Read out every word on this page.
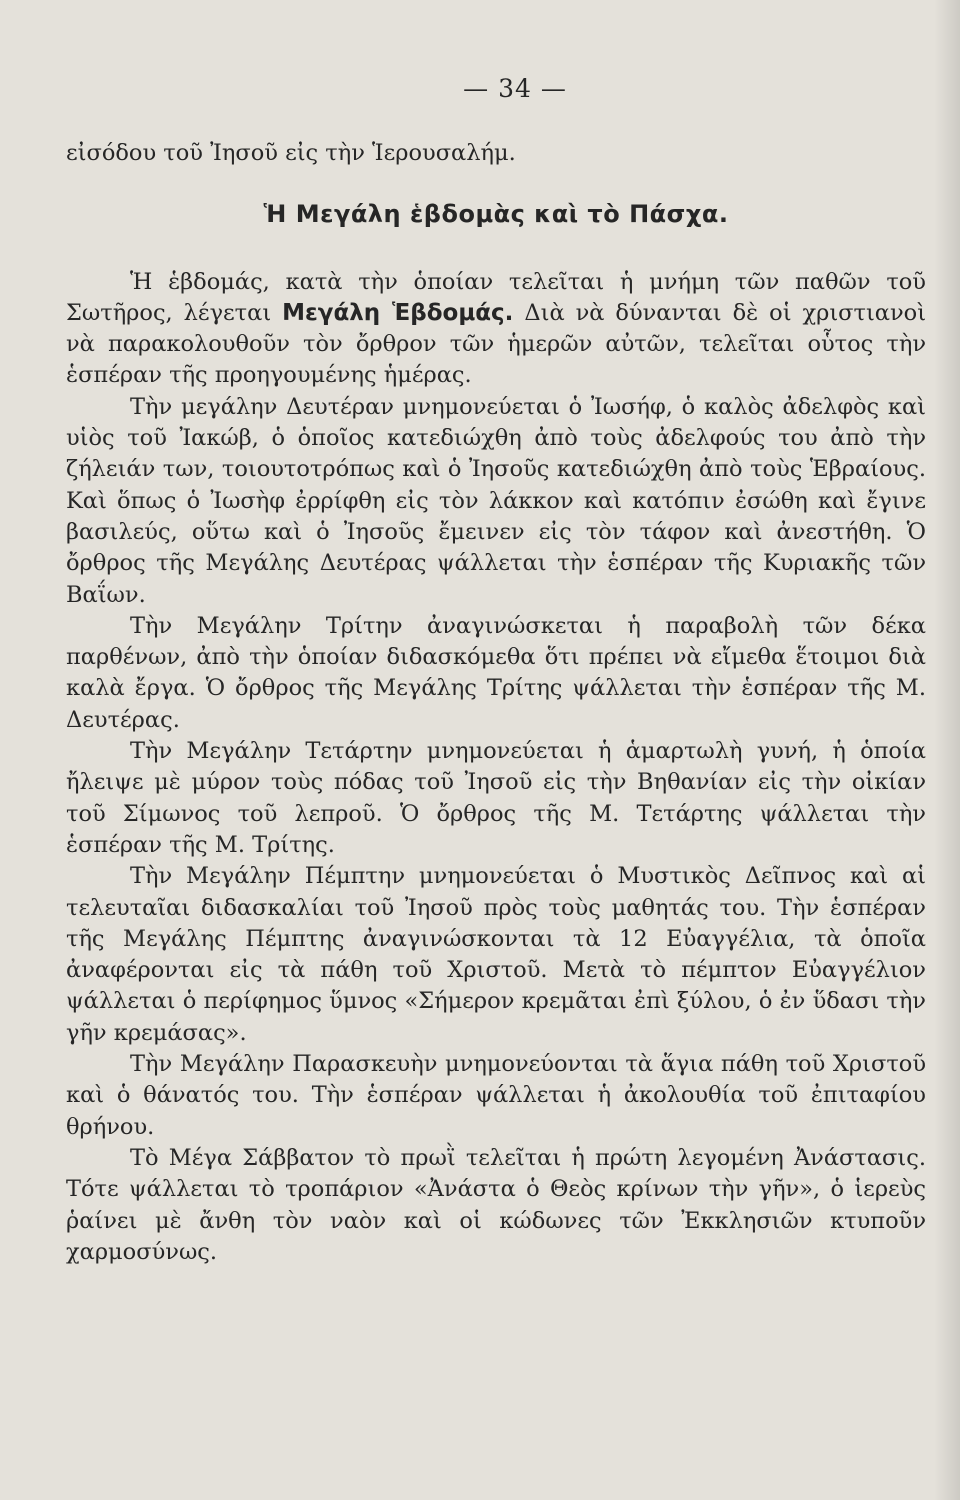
— 34 —

εἰσόδου τοῦ Ἰησοῦ εἰς τὴν Ἱερουσαλήμ.

Ἡ Μεγάλη ἑβδομὰς καὶ τὸ Πάσχα.

Ἡ ἑβδομάς, κατὰ τὴν ὁποίαν τελεῖται ἡ μνήμη τῶν παθῶν τοῦ Σωτῆρος, λέγεται Μεγάλη Ἑβδομάς. Διὰ νὰ δύνανται δὲ οἱ χριστιανοὶ νὰ παρακολουθοῦν τὸν ὄρθρον τῶν ἡμερῶν αὐτῶν, τελεῖται οὗτος τὴν ἑσπέραν τῆς προηγουμένης ἡμέρας.

Τὴν μεγάλην Δευτέραν μνημονεύεται ὁ Ἰωσήφ, ὁ καλὸς ἀδελφὸς καὶ υἱὸς τοῦ Ἰακώβ, ὁ ὁποῖος κατεδιώχθη ἀπὸ τοὺς ἀδελφούς του ἀπὸ τὴν ζήλειάν των, τοιουτοτρόπως καὶ ὁ Ἰησοῦς κατεδιώχθη ἀπὸ τοὺς Ἑβραίους. Καὶ ὅπως ὁ Ἰωσὴφ ἐρρίφθη εἰς τὸν λάκκον καὶ κατόπιν ἐσώθη καὶ ἔγινε βασιλεύς, οὕτω καὶ ὁ Ἰησοῦς ἔμεινεν εἰς τὸν τάφον καὶ ἀνεστήθη. Ὁ ὄρθρος τῆς Μεγάλης Δευτέρας ψάλλεται τὴν ἑσπέραν τῆς Κυριακῆς τῶν Βαΐων.

Τὴν Μεγάλην Τρίτην ἀναγινώσκεται ἡ παραβολὴ τῶν δέκα παρθένων, ἀπὸ τὴν ὁποίαν διδασκόμεθα ὅτι πρέπει νὰ εἴμεθα ἕτοιμοι διὰ καλὰ ἔργα. Ὁ ὄρθρος τῆς Μεγάλης Τρίτης ψάλλεται τὴν ἑσπέραν τῆς Μ. Δευτέρας.

Τὴν Μεγάλην Τετάρτην μνημονεύεται ἡ ἁμαρτωλὴ γυνή, ἡ ὁποία ἤλειψε μὲ μύρον τοὺς πόδας τοῦ Ἰησοῦ εἰς τὴν Βηθανίαν εἰς τὴν οἰκίαν τοῦ Σίμωνος τοῦ λεπροῦ. Ὁ ὄρθρος τῆς Μ. Τετάρτης ψάλλεται τὴν ἑσπέραν τῆς Μ. Τρίτης.

Τὴν Μεγάλην Πέμπτην μνημονεύεται ὁ Μυστικὸς Δεῖπνος καὶ αἱ τελευταῖαι διδασκαλίαι τοῦ Ἰησοῦ πρὸς τοὺς μαθητάς του. Τὴν ἑσπέραν τῆς Μεγάλης Πέμπτης ἀναγινώσκονται τὰ 12 Εὐαγγέλια, τὰ ὁποῖα ἀναφέρονται εἰς τὰ πάθη τοῦ Χριστοῦ. Μετὰ τὸ πέμπτον Εὐαγγέλιον ψάλλεται ὁ περίφημος ὕμνος «Σήμερον κρεμᾶται ἐπὶ ξύλου, ὁ ἐν ὕδασι τὴν γῆν κρεμάσας».

Τὴν Μεγάλην Παρασκευὴν μνημονεύονται τὰ ἅγια πάθη τοῦ Χριστοῦ καὶ ὁ θάνατός του. Τὴν ἑσπέραν ψάλλεται ἡ ἀκολουθία τοῦ ἐπιταφίου θρήνου.

Τὸ Μέγα Σάββατον τὸ πρωῒ τελεῖται ἡ πρώτη λεγομένη Ἀνάστασις. Τότε ψάλλεται τὸ τροπάριον «Ἀνάστα ὁ Θεὸς κρίνων τὴν γῆν», ὁ ἱερεὺς ῥαίνει μὲ ἄνθη τὸν ναὸν καὶ οἱ κώδωνες τῶν Ἐκκλησιῶν κτυποῦν χαρμοσύνως.
